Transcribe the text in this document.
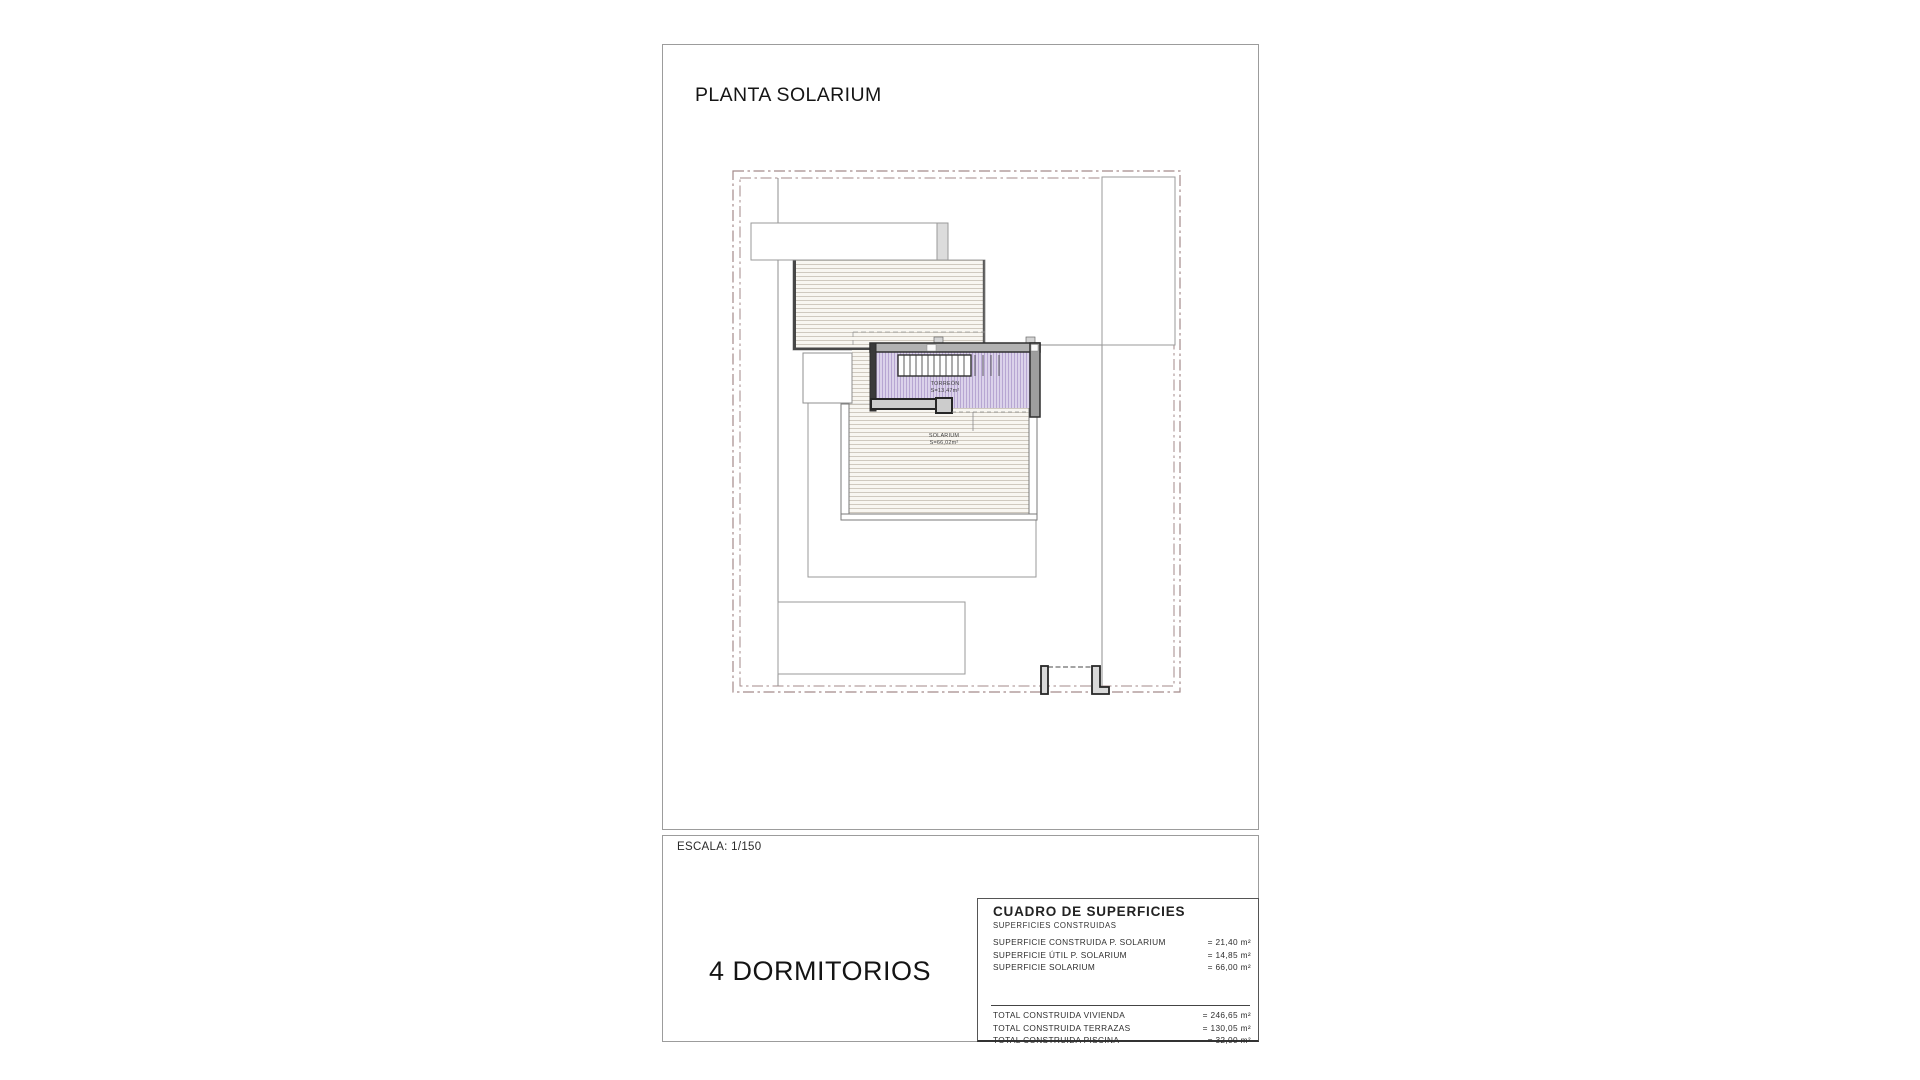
PLANTA SOLARIUM
TORREÓN
S=13,47m²
SOLARIUM
S=66,02m²
ESCALA: 1/150
4 DORMITORIOS
CUADRO DE SUPERFICIES
SUPERFICIES CONSTRUIDAS
SUPERFICIE CONSTRUIDA P. SOLARIUM	= 21,40 m²
SUPERFICIE ÚTIL P. SOLARIUM	= 14,85 m²
SUPERFICIE SOLARIUM	= 66,00 m²
TOTAL CONSTRUIDA VIVIENDA	= 246,65 m²
TOTAL CONSTRUIDA TERRAZAS	= 130,05 m²
TOTAL CONSTRUIDA PISCINA	= 32,00 m²
